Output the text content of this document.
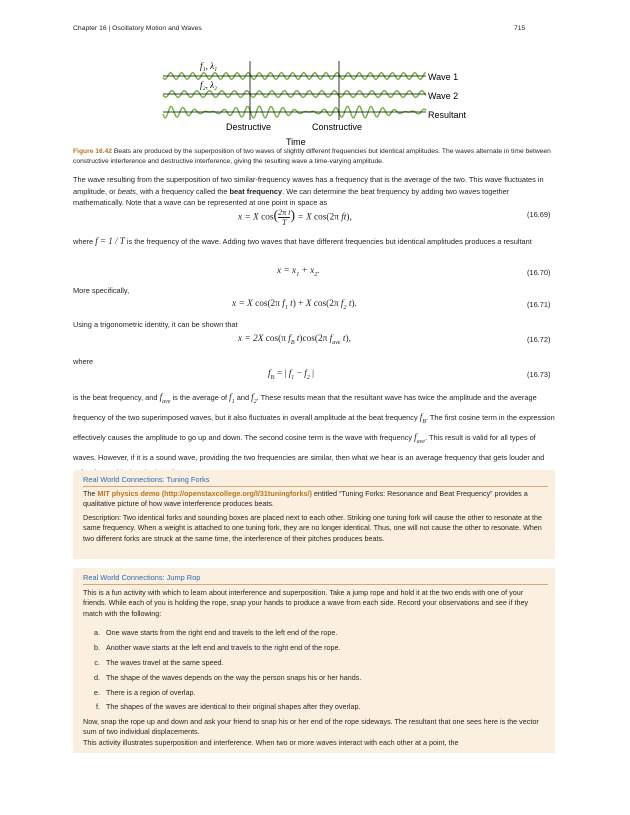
Chapter 16 | Oscillatory Motion and Waves	715
f₁, λ₁
f₂, λ₂
Wave 1
Wave 2
Resultant
Destructive	Constructive
Time
Figure 16.42 Beats are produced by the superposition of two waves of slightly different frequencies but identical amplitudes. The waves alternate in time between constructive interference and destructive interference, giving the resulting wave a time-varying amplitude.
The wave resulting from the superposition of two similar-frequency waves has a frequency that is the average of the two. This wave fluctuates in amplitude, or beats, with a frequency called the beat frequency. We can determine the beat frequency by adding two waves together mathematically. Note that a wave can be represented at one point in space as
x = X $\cos( \frac{\text{2π t}}{T}$ ) = X cos(2π ft),	(16.69)
where f = 1 / T is the frequency of the wave. Adding two waves that have different frequencies but identical amplitudes produces a resultant
$x = x_1 + x_2$.	(16.70)
More specifically,
x = X cos(2π $f_1$ t) + X cos(2π $f_2$ t).	(16.71)
Using a trigonometric identity, it can be shown that
x = 2X cos(π $f_B$ t)cos(2π $f_{ave}$ t),	(16.72)
where
$f_B$ = | $f_1 - f_2$ |	(16.73)
is the beat frequency, and $f_{ave}$ is the average of $f_1$ and $f_2$. These results mean that the resultant wave has twice the amplitude and the average frequency of the two superimposed waves, but it also fluctuates in overall amplitude at the beat frequency $f_B$. The first cosine term in the expression effectively causes the amplitude to go up and down. The second cosine term is the wave with frequency $f_{ave}$. This result is valid for all types of waves. However, if it is a sound wave, providing the two frequencies are similar, then what we hear is an average frequency that gets louder and
Real World Connections: Tuning Forks
The MIT physics demo (http://openstaxcollege.org/l/31tuningforks/) entitled “Tuning Forks: Resonance and Beat Frequency” provides a qualitative picture of how wave interference produces beats.
Description: Two identical forks and sounding boxes are placed next to each other. Striking one tuning fork will cause the other to resonate at the same frequency. When a weight is attached to one tuning fork, they are no longer identical. Thus, one will not cause the other to resonate. When two different forks are struck at the same time, the interference of their pitches produces beats.
Real World Connections: Jump Rop
This is a fun activity with which to learn about interference and superposition. Take a jump rope and hold it at the two ends with one of your friends. While each of you is holding the rope, snap your hands to produce a wave from each side. Record your observations and see if they match with the following:
a. One wave starts from the right end and travels to the left end of the rope.
b. Another wave starts at the left end and travels to the right end of the rope.
c. The waves travel at the same speed.
d. The shape of the waves depends on the way the person snaps his or her hands.
e. There is a region of overlap.
f. The shapes of the waves are identical to their original shapes after they overlap.
Now, snap the rope up and down and ask your friend to snap his or her end of the rope sideways. The resultant that one sees here is the vector sum of two individual displacements.
This activity illustrates superposition and interference. When two or more waves interact with each other at a point, the
